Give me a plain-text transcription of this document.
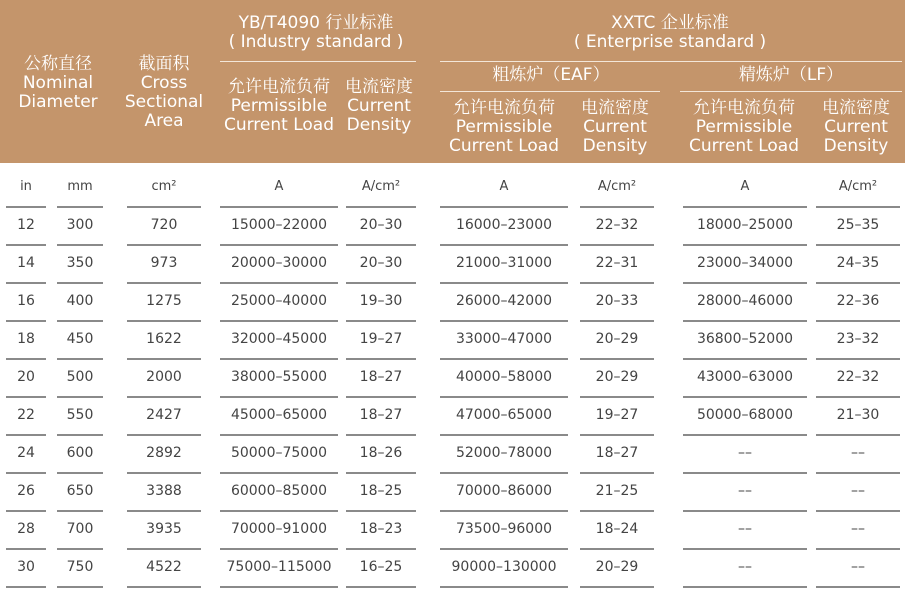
公称直径
Nominal
Diameter
截面积
Cross
Sectional
Area
YB/T4090 行业标准
( Industry standard )
XXTC 企业标准
( Enterprise standard )
粗炼炉（EAF）	精炼炉（LF）
允许电流负荷
Permissible
Current Load
电流密度
Current
Density
允许电流负荷
Permissible
Current Load
电流密度
Current
Density
允许电流负荷
Permissible
Current Load
电流密度
Current
Density
in	mm	cm²	A	A/cm²	A	A/cm²	A	A/cm²
12	300	720	15000–22000	20–30	16000–23000	22–32	18000–25000	25–35
14	350	973	20000–30000	20–30	21000–31000	22–31	23000–34000	24–35
16	400	1275	25000–40000	19–30	26000–42000	20–33	28000–46000	22–36
18	450	1622	32000–45000	19–27	33000–47000	20–29	36800–52000	23–32
20	500	2000	38000–55000	18–27	40000–58000	20–29	43000–63000	22–32
22	550	2427	45000–65000	18–27	47000–65000	19–27	50000–68000	21–30
24	600	2892	50000–75000	18–26	52000–78000	18–27	––	––
26	650	3388	60000–85000	18–25	70000–86000	21–25	––	––
28	700	3935	70000–91000	18–23	73500–96000	18–24	––	––
30	750	4522	75000–115000	16–25	90000–130000	20–29	––	––
